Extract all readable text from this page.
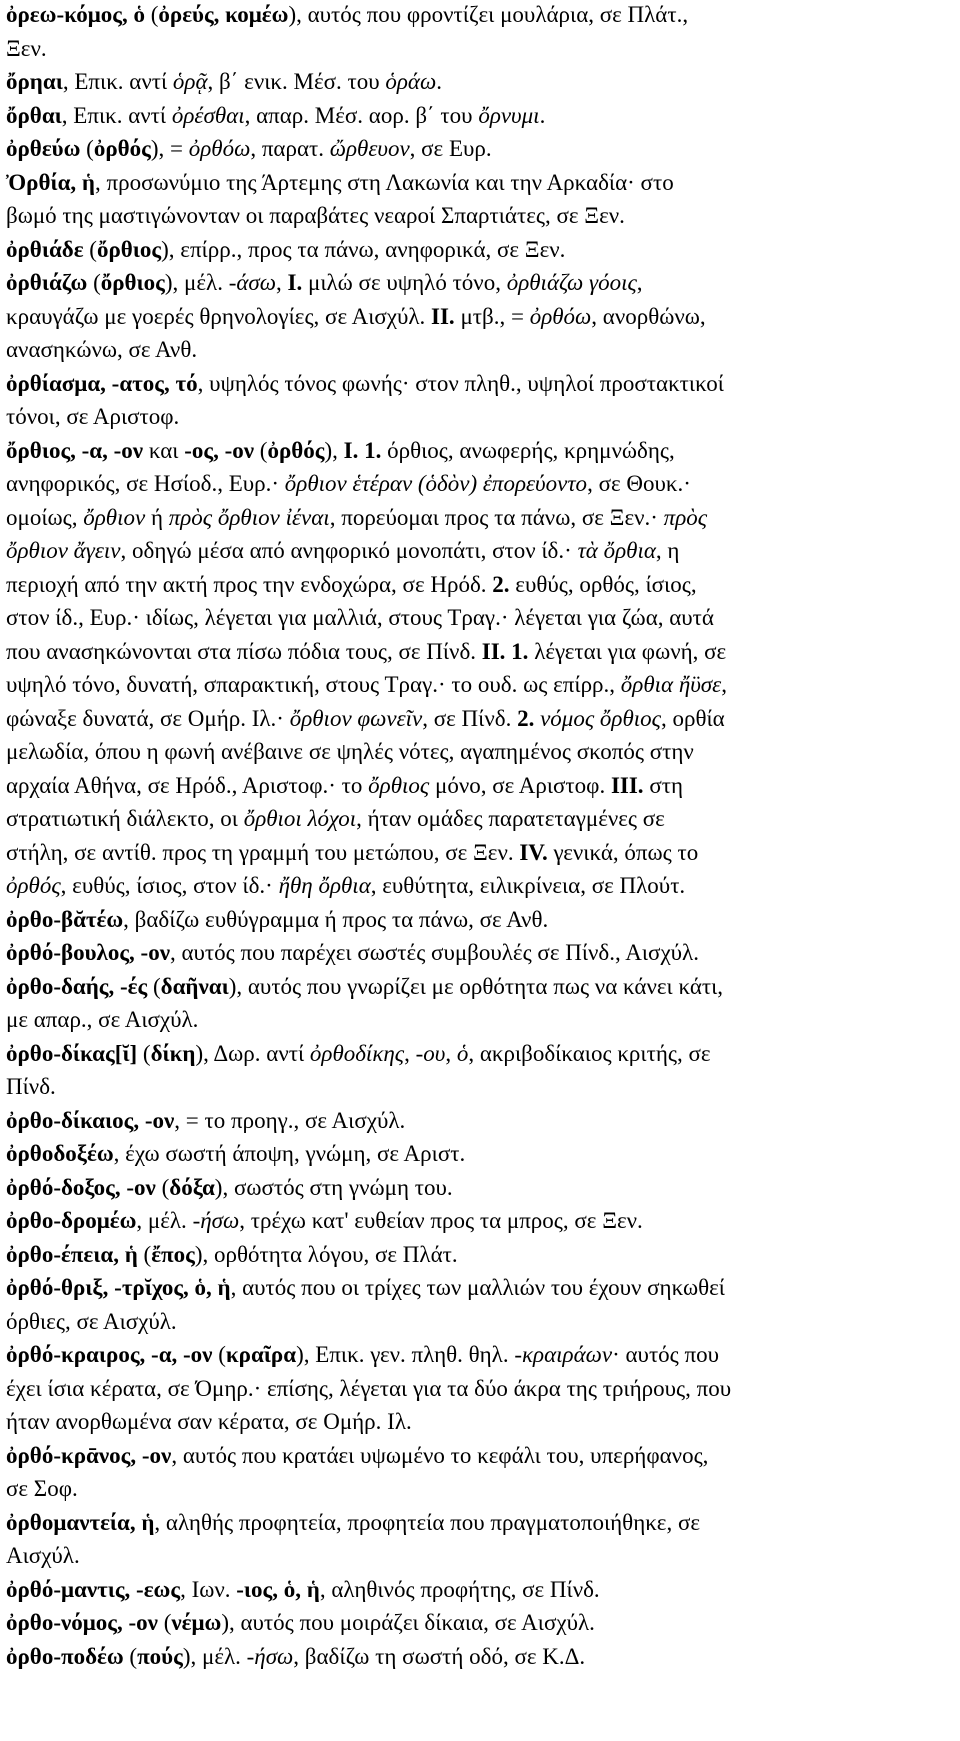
ὀρεω-κόμος, ὁ (ὀρεύς, κομέω), αυτός που φροντίζει μουλάρια, σε Πλάτ.,
Ξεν.
ὄρηαι, Επικ. αντί ὁρᾷ, β΄ ενικ. Μέσ. του ὁράω.
ὄρθαι, Επικ. αντί ὀρέσθαι, απαρ. Μέσ. αορ. β΄ του ὄρνυμι.
ὀρθεύω (ὀρθός), = ὀρθόω, παρατ. ὤρθευον, σε Ευρ.
Ὀρθία, ἡ, προσωνύμιο της Άρτεμης στη Λακωνία και την Αρκαδία· στο
βωμό της μαστιγώνονταν οι παραβάτες νεαροί Σπαρτιάτες, σε Ξεν.
ὀρθιάδε (ὄρθιος), επίρρ., προς τα πάνω, ανηφορικά, σε Ξεν.
ὀρθιάζω (ὄρθιος), μέλ. -άσω, I. μιλώ σε υψηλό τόνο, ὀρθιάζω γόοις,
κραυγάζω με γοερές θρηνολογίες, σε Αισχύλ. II. μτβ., = ὀρθόω, ανορθώνω,
ανασηκώνω, σε Ανθ.
ὀρθίασμα, -ατος, τό, υψηλός τόνος φωνής· στον πληθ., υψηλοί προστακτικοί
τόνοι, σε Αριστοφ.
ὄρθιος, -α, -ον και -ος, -ον (ὀρθός), I. 1. όρθιος, ανωφερής, κρημνώδης,
ανηφορικός, σε Ησίοδ., Ευρ.· ὄρθιον ἑτέραν (ὁδὸν) ἐπορεύοντο, σε Θουκ.·
ομοίως, ὄρθιον ή πρὸς ὄρθιον ἰέναι, πορεύομαι προς τα πάνω, σε Ξεν.· πρὸς
ὄρθιον ἄγειν, οδηγώ μέσα από ανηφορικό μονοπάτι, στον ίδ.· τὰ ὄρθια, η
περιοχή από την ακτή προς την ενδοχώρα, σε Ηρόδ. 2. ευθύς, ορθός, ίσιος,
στον ίδ., Ευρ.· ιδίως, λέγεται για μαλλιά, στους Τραγ.· λέγεται για ζώα, αυτά
που ανασηκώνονται στα πίσω πόδια τους, σε Πίνδ. II. 1. λέγεται για φωνή, σε
υψηλό τόνο, δυνατή, σπαρακτική, στους Τραγ.· το ουδ. ως επίρρ., ὄρθια ἤϋσε,
φώναξε δυνατά, σε Ομήρ. Ιλ.· ὄρθιον φωνεῖν, σε Πίνδ. 2. νόμος ὄρθιος, ορθία
μελωδία, όπου η φωνή ανέβαινε σε ψηλές νότες, αγαπημένος σκοπός στην
αρχαία Αθήνα, σε Ηρόδ., Αριστοφ.· το ὄρθιος μόνο, σε Αριστοφ. III. στη
στρατιωτική διάλεκτο, οι ὄρθιοι λόχοι, ήταν ομάδες παρατεταγμένες σε
στήλη, σε αντίθ. προς τη γραμμή του μετώπου, σε Ξεν. IV. γενικά, όπως το
ὀρθός, ευθύς, ίσιος, στον ίδ.· ἤθη ὄρθια, ευθύτητα, ειλικρίνεια, σε Πλούτ.
ὀρθο-βᾰτέω, βαδίζω ευθύγραμμα ή προς τα πάνω, σε Ανθ.
ὀρθό-βουλος, -ον, αυτός που παρέχει σωστές συμβουλές σε Πίνδ., Αισχύλ.
ὀρθο-δαής, -ές (δαῆναι), αυτός που γνωρίζει με ορθότητα πως να κάνει κάτι,
με απαρ., σε Αισχύλ.
ὀρθο-δίκας[ῐ] (δίκη), Δωρ. αντί ὀρθοδίκης, -ου, ὁ, ακριβοδίκαιος κριτής, σε
Πίνδ.
ὀρθο-δίκαιος, -ον, = το προηγ., σε Αισχύλ.
ὀρθοδοξέω, έχω σωστή άποψη, γνώμη, σε Αριστ.
ὀρθό-δοξος, -ον (δόξα), σωστός στη γνώμη του.
ὀρθο-δρομέω, μέλ. -ήσω, τρέχω κατ' ευθείαν προς τα μπρος, σε Ξεν.
ὀρθο-έπεια, ἡ (ἔπος), ορθότητα λόγου, σε Πλάτ.
ὀρθό-θριξ, -τρῐχος, ὁ, ἡ, αυτός που οι τρίχες των μαλλιών του έχουν σηκωθεί
όρθιες, σε Αισχύλ.
ὀρθό-κραιρος, -α, -ον (κραῖρα), Επικ. γεν. πληθ. θηλ. -κραιράων· αυτός που
έχει ίσια κέρατα, σε Όμηρ.· επίσης, λέγεται για τα δύο άκρα της τριήρους, που
ήταν ανορθωμένα σαν κέρατα, σε Ομήρ. Ιλ.
ὀρθό-κρᾱνος, -ον, αυτός που κρατάει υψωμένο το κεφάλι του, υπερήφανος,
σε Σοφ.
ὀρθομαντεία, ἡ, αληθής προφητεία, προφητεία που πραγματοποιήθηκε, σε
Αισχύλ.
ὀρθό-μαντις, -εως, Ιων. -ιος, ὁ, ἡ, αληθινός προφήτης, σε Πίνδ.
ὀρθο-νόμος, -ον (νέμω), αυτός που μοιράζει δίκαια, σε Αισχύλ.
ὀρθο-ποδέω (πούς), μέλ. -ήσω, βαδίζω τη σωστή οδό, σε Κ.Δ.
